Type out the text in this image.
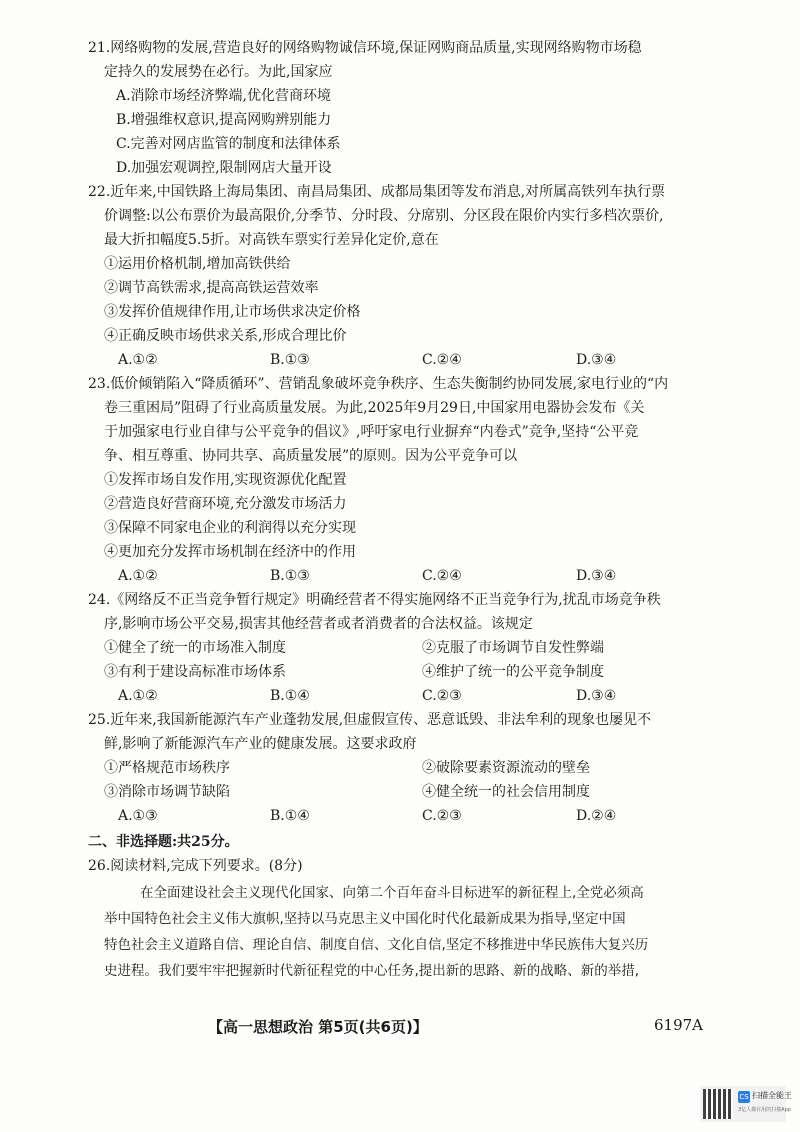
21.网络购物的发展,营造良好的网络购物诚信环境,保证网购商品质量,实现网络购物市场稳
定持久的发展势在必行。为此,国家应
A.消除市场经济弊端,优化营商环境
B.增强维权意识,提高网购辨别能力
C.完善对网店监管的制度和法律体系
D.加强宏观调控,限制网店大量开设
22.近年来,中国铁路上海局集团、南昌局集团、成都局集团等发布消息,对所属高铁列车执行票
价调整:以公布票价为最高限价,分季节、分时段、分席别、分区段在限价内实行多档次票价,
最大折扣幅度5.5折。对高铁车票实行差异化定价,意在
①运用价格机制,增加高铁供给
②调节高铁需求,提高高铁运营效率
③发挥价值规律作用,让市场供求决定价格
④正确反映市场供求关系,形成合理比价
A.①②	B.①③	C.②④	D.③④
23.低价倾销陷入“降质循环”、营销乱象破坏竞争秩序、生态失衡制约协同发展,家电行业的“内
卷三重困局”阻碍了行业高质量发展。为此,2025年9月29日,中国家用电器协会发布《关
于加强家电行业自律与公平竞争的倡议》,呼吁家电行业摒弃“内卷式”竞争,坚持“公平竞
争、相互尊重、协同共享、高质量发展”的原则。因为公平竞争可以
①发挥市场自发作用,实现资源优化配置
②营造良好营商环境,充分激发市场活力
③保障不同家电企业的利润得以充分实现
④更加充分发挥市场机制在经济中的作用
A.①②	B.①③	C.②④	D.③④
24.《网络反不正当竞争暂行规定》明确经营者不得实施网络不正当竞争行为,扰乱市场竞争秩
序,影响市场公平交易,损害其他经营者或者消费者的合法权益。该规定
①健全了统一的市场准入制度	②克服了市场调节自发性弊端
③有利于建设高标准市场体系	④维护了统一的公平竞争制度
A.①②	B.①④	C.②③	D.③④
25.近年来,我国新能源汽车产业蓬勃发展,但虚假宣传、恶意诋毁、非法牟利的现象也屡见不
鲜,影响了新能源汽车产业的健康发展。这要求政府
①严格规范市场秩序	②破除要素资源流动的壁垒
③消除市场调节缺陷	④健全统一的社会信用制度
A.①③	B.①④	C.②③	D.②④
二、非选择题:共25分。
26.阅读材料,完成下列要求。(8分)
在全面建设社会主义现代化国家、向第二个百年奋斗目标进军的新征程上,全党必须高
举中国特色社会主义伟大旗帜,坚持以马克思主义中国化时代化最新成果为指导,坚定中国
特色社会主义道路自信、理论自信、制度自信、文化自信,坚定不移推进中华民族伟大复兴历
史进程。我们要牢牢把握新时代新征程党的中心任务,提出新的思路、新的战略、新的举措,
【高一思想政治 第5页(共6页)】	6197A
CS 扫描全能王
3亿人都在用的扫描App
